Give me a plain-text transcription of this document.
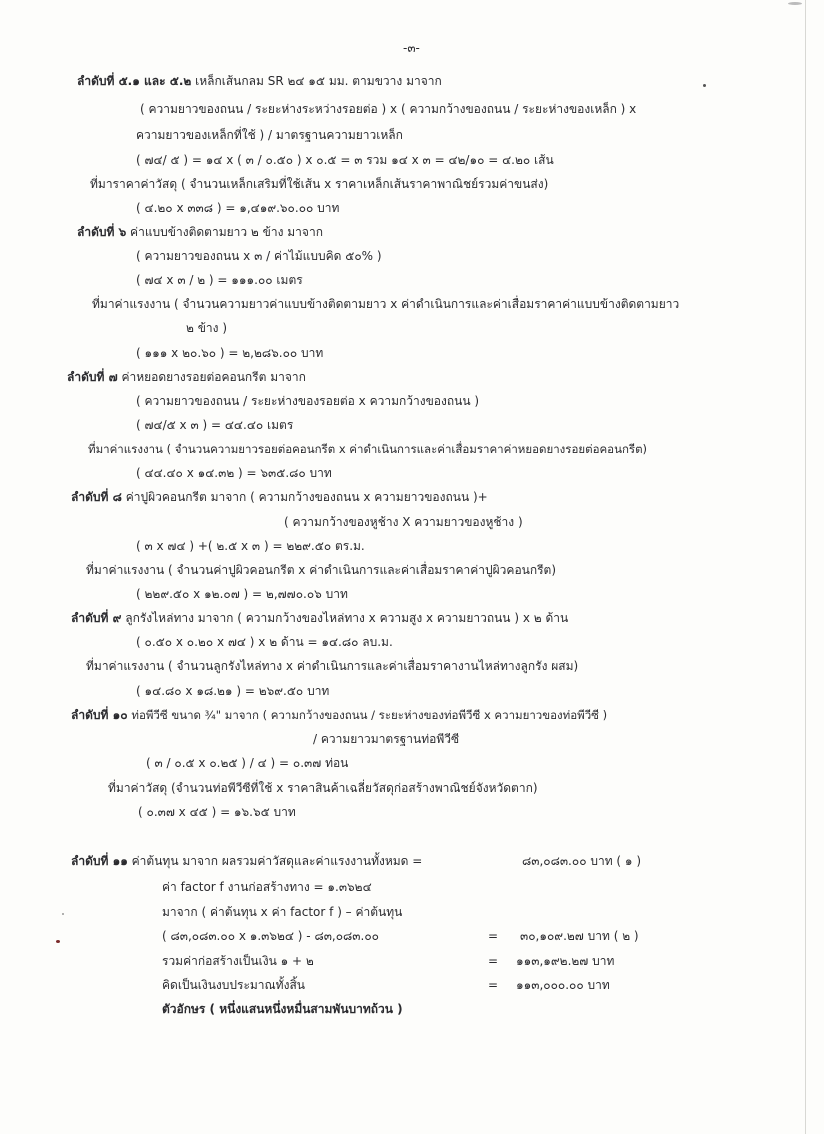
-๓-
ลำดับที่ ๕.๑ และ ๕.๒ เหล็กเส้นกลม SR ๒๔ ๑๕ มม. ตามขวาง มาจาก
( ความยาวของถนน / ระยะห่างระหว่างรอยต่อ ) x ( ความกว้างของถนน / ระยะห่างของเหล็ก ) x
ความยาวของเหล็กที่ใช้ ) / มาตรฐานความยาวเหล็ก
( ๗๔/ ๕ ) = ๑๔ x ( ๓ / ๐.๕๐ ) x ๐.๕ = ๓ รวม ๑๔ x ๓ = ๔๒/๑๐ = ๔.๒๐ เส้น
ที่มาราคาค่าวัสดุ ( จำนวนเหล็กเสริมที่ใช้เส้น x ราคาเหล็กเส้นราคาพาณิชย์รวมค่าขนส่ง)
( ๔.๒๐ x ๓๓๘ ) = ๑,๔๑๙.๖๐.๐๐ บาท
ลำดับที่ ๖ ค่าแบบข้างติดตามยาว ๒ ข้าง มาจาก
( ความยาวของถนน x ๓ / ค่าไม้แบบคิด ๕๐% )
( ๗๔ x ๓ / ๒ ) = ๑๑๑.๐๐ เมตร
ที่มาค่าแรงงาน ( จำนวนความยาวค่าแบบข้างติดตามยาว x ค่าดำเนินการและค่าเสื่อมราคาค่าแบบข้างติดตามยาว
๒ ข้าง )
( ๑๑๑ x ๒๐.๖๐ ) = ๒,๒๘๖.๐๐ บาท
ลำดับที่ ๗ ค่าหยอดยางรอยต่อคอนกรีต มาจาก
( ความยาวของถนน / ระยะห่างของรอยต่อ x ความกว้างของถนน )
( ๗๔/๕ x ๓ ) = ๔๔.๔๐ เมตร
ที่มาค่าแรงงาน ( จำนวนความยาวรอยต่อคอนกรีต x ค่าดำเนินการและค่าเสื่อมราคาค่าหยอดยางรอยต่อคอนกรีต)
( ๔๔.๔๐ x ๑๔.๓๒ ) = ๖๓๕.๘๐ บาท
ลำดับที่ ๘ ค่าปูผิวคอนกรีต มาจาก ( ความกว้างของถนน x ความยาวของถนน )+
( ความกว้างของหูช้าง X ความยาวของหูช้าง )
( ๓ x ๗๔ ) +( ๒.๕ x ๓ ) = ๒๒๙.๕๐ ตร.ม.
ที่มาค่าแรงงาน ( จำนวนค่าปูผิวคอนกรีต x ค่าดำเนินการและค่าเสื่อมราคาค่าปูผิวคอนกรีต)
( ๒๒๙.๕๐ x ๑๒.๐๗ ) = ๒,๗๗๐.๐๖ บาท
ลำดับที่ ๙ ลูกรังไหล่ทาง มาจาก ( ความกว้างของไหล่ทาง x ความสูง x ความยาวถนน ) x ๒ ด้าน
( ๐.๕๐ x ๐.๒๐ x ๗๔ ) x ๒ ด้าน = ๑๔.๘๐ ลบ.ม.
ที่มาค่าแรงงาน ( จำนวนลูกรังไหล่ทาง x ค่าดำเนินการและค่าเสื่อมราคางานไหล่ทางลูกรัง ผสม)
( ๑๔.๘๐ x ๑๘.๒๑ ) = ๒๖๙.๕๐ บาท
ลำดับที่ ๑๐ ท่อพีวีซี ขนาด ¾" มาจาก ( ความกว้างของถนน / ระยะห่างของท่อพีวีซี x ความยาวของท่อพีวีซี )
/ ความยาวมาตรฐานท่อพีวีซี
( ๓ / ๐.๕ x ๐.๒๕ ) / ๔ ) = ๐.๓๗ ท่อน
ที่มาค่าวัสดุ (จำนวนท่อพีวีซีที่ใช้ x ราคาสินค้าเฉลี่ยวัสดุก่อสร้างพาณิชย์จังหวัดตาก)
( ๐.๓๗ x ๔๕ ) = ๑๖.๖๕ บาท
ลำดับที่ ๑๑ ค่าต้นทุน มาจาก ผลรวมค่าวัสดุและค่าแรงงานทั้งหมด =	๘๓,๐๘๓.๐๐ บาท ( ๑ )
ค่า factor f งานก่อสร้างทาง = ๑.๓๖๒๔
มาจาก ( ค่าต้นทุน x ค่า factor f ) – ค่าต้นทุน
( ๘๓,๐๘๓.๐๐ x ๑.๓๖๒๔ ) - ๘๓,๐๘๓.๐๐	= ๓๐,๑๐๙.๒๗ บาท ( ๒ )
รวมค่าก่อสร้างเป็นเงิน ๑ + ๒	= ๑๑๓,๑๙๒.๒๗ บาท
คิดเป็นเงินงบประมาณทั้งสิ้น	= ๑๑๓,๐๐๐.๐๐ บาท
ตัวอักษร ( หนึ่งแสนหนึ่งหมื่นสามพันบาทถ้วน )
